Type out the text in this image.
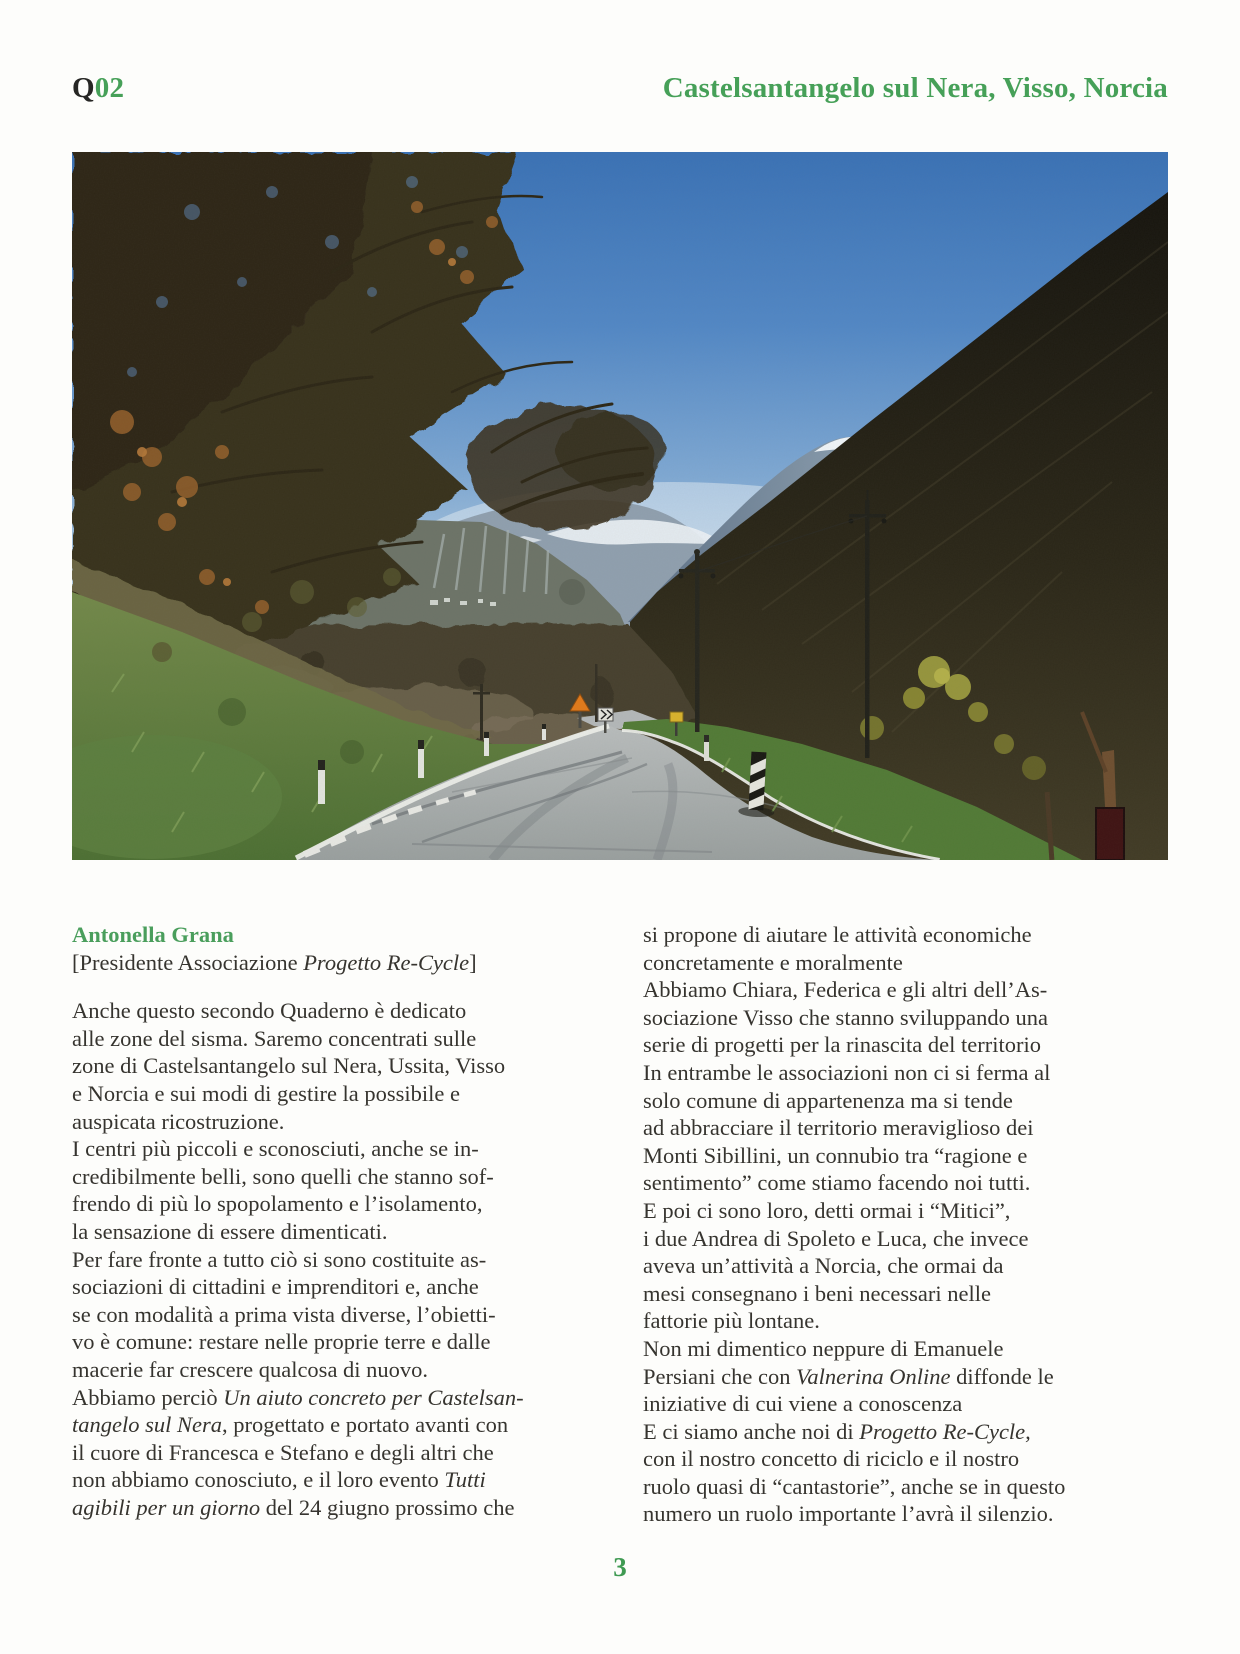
Q02	Castelsantangelo sul Nera, Visso, Norcia
Antonella Grana
[Presidente Associazione Progetto Re-Cycle]
Anche questo secondo Quaderno è dedicato
alle zone del sisma. Saremo concentrati sulle
zone di Castelsantangelo sul Nera, Ussita, Visso
e Norcia e sui modi di gestire la possibile e
auspicata ricostruzione.
I centri più piccoli e sconosciuti, anche se in-
credibilmente belli, sono quelli che stanno sof-
frendo di più lo spopolamento e l’isolamento,
la sensazione di essere dimenticati.
Per fare fronte a tutto ciò si sono costituite as-
sociazioni di cittadini e imprenditori e, anche
se con modalità a prima vista diverse, l’obietti-
vo è comune: restare nelle proprie terre e dalle
macerie far crescere qualcosa di nuovo.
Abbiamo perciò Un aiuto concreto per Castelsan-
tangelo sul Nera, progettato e portato avanti con
il cuore di Francesca e Stefano e degli altri che
non abbiamo conosciuto, e il loro evento Tutti
agibili per un giorno del 24 giugno prossimo che
si propone di aiutare le attività economiche
concretamente e moralmente
Abbiamo Chiara, Federica e gli altri dell’As-
sociazione Visso che stanno sviluppando una
serie di progetti per la rinascita del territorio
In entrambe le associazioni non ci si ferma al
solo comune di appartenenza ma si tende
ad abbracciare il territorio meraviglioso dei
Monti Sibillini, un connubio tra “ragione e
sentimento” come stiamo facendo noi tutti.
E poi ci sono loro, detti ormai i “Mitici”,
i due Andrea di Spoleto e Luca, che invece
aveva un’attività a Norcia, che ormai da
mesi consegnano i beni necessari nelle
fattorie più lontane.
Non mi dimentico neppure di Emanuele
Persiani che con Valnerina Online diffonde le
iniziative di cui viene a conoscenza
E ci siamo anche noi di Progetto Re-Cycle,
con il nostro concetto di riciclo e il nostro
ruolo quasi di “cantastorie”, anche se in questo
numero un ruolo importante l’avrà il silenzio.
3
